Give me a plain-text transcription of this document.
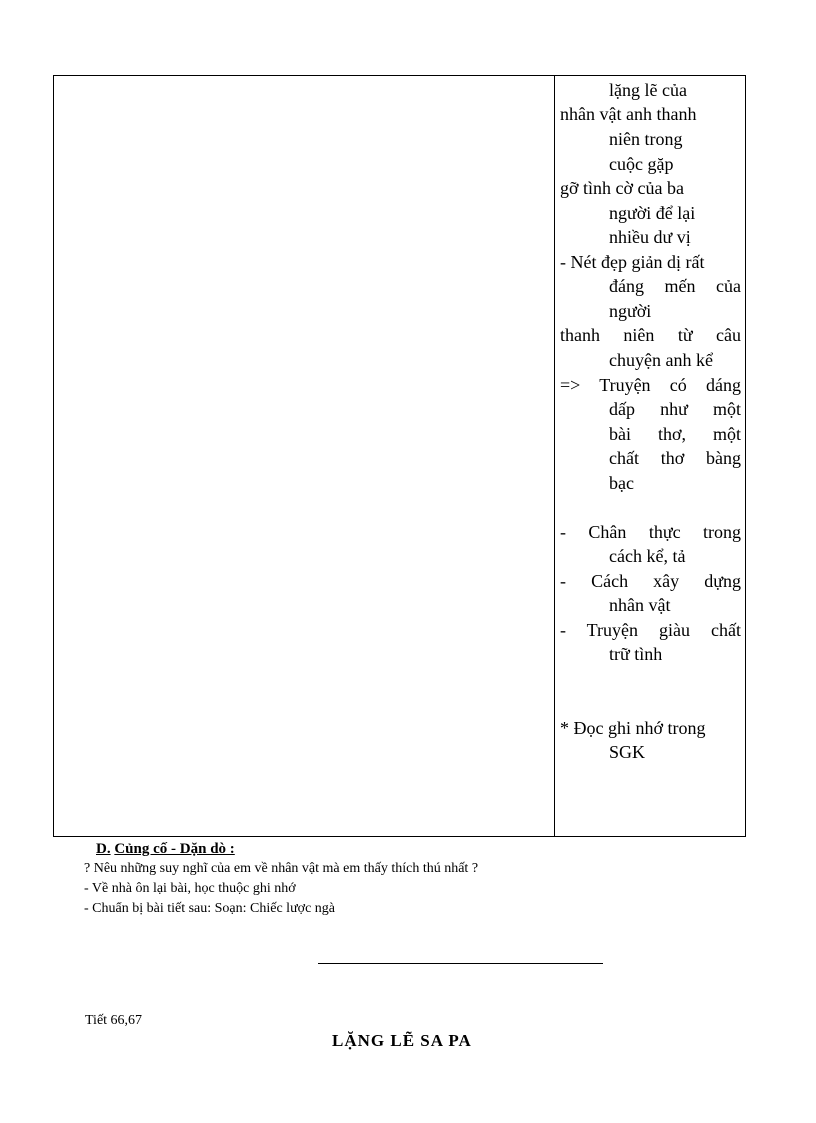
lặng lẽ của
nhân vật anh thanh
niên trong
cuộc gặp
gỡ tình cờ của ba
người để lại
nhiều dư vị
- Nét đẹp giản dị rất
đáng mến của
người
thanh niên từ câu
chuyện anh kể
=> Truyện có dáng
dấp như một
bài thơ, một
chất thơ bàng
bạc
- Chân thực trong
cách kể, tả
- Cách xây dựng
nhân vật
- Truyện giàu chất
trữ tình
* Đọc ghi nhớ trong
SGK
D. Củng cố - Dặn dò :
? Nêu những suy nghĩ của em về nhân vật mà em thấy thích thú nhất ?
- Về nhà ôn lại bài, học thuộc ghi nhớ
- Chuẩn bị bài tiết sau: Soạn: Chiếc lược ngà
Tiết 66,67
LẶNG LẼ SA PA
